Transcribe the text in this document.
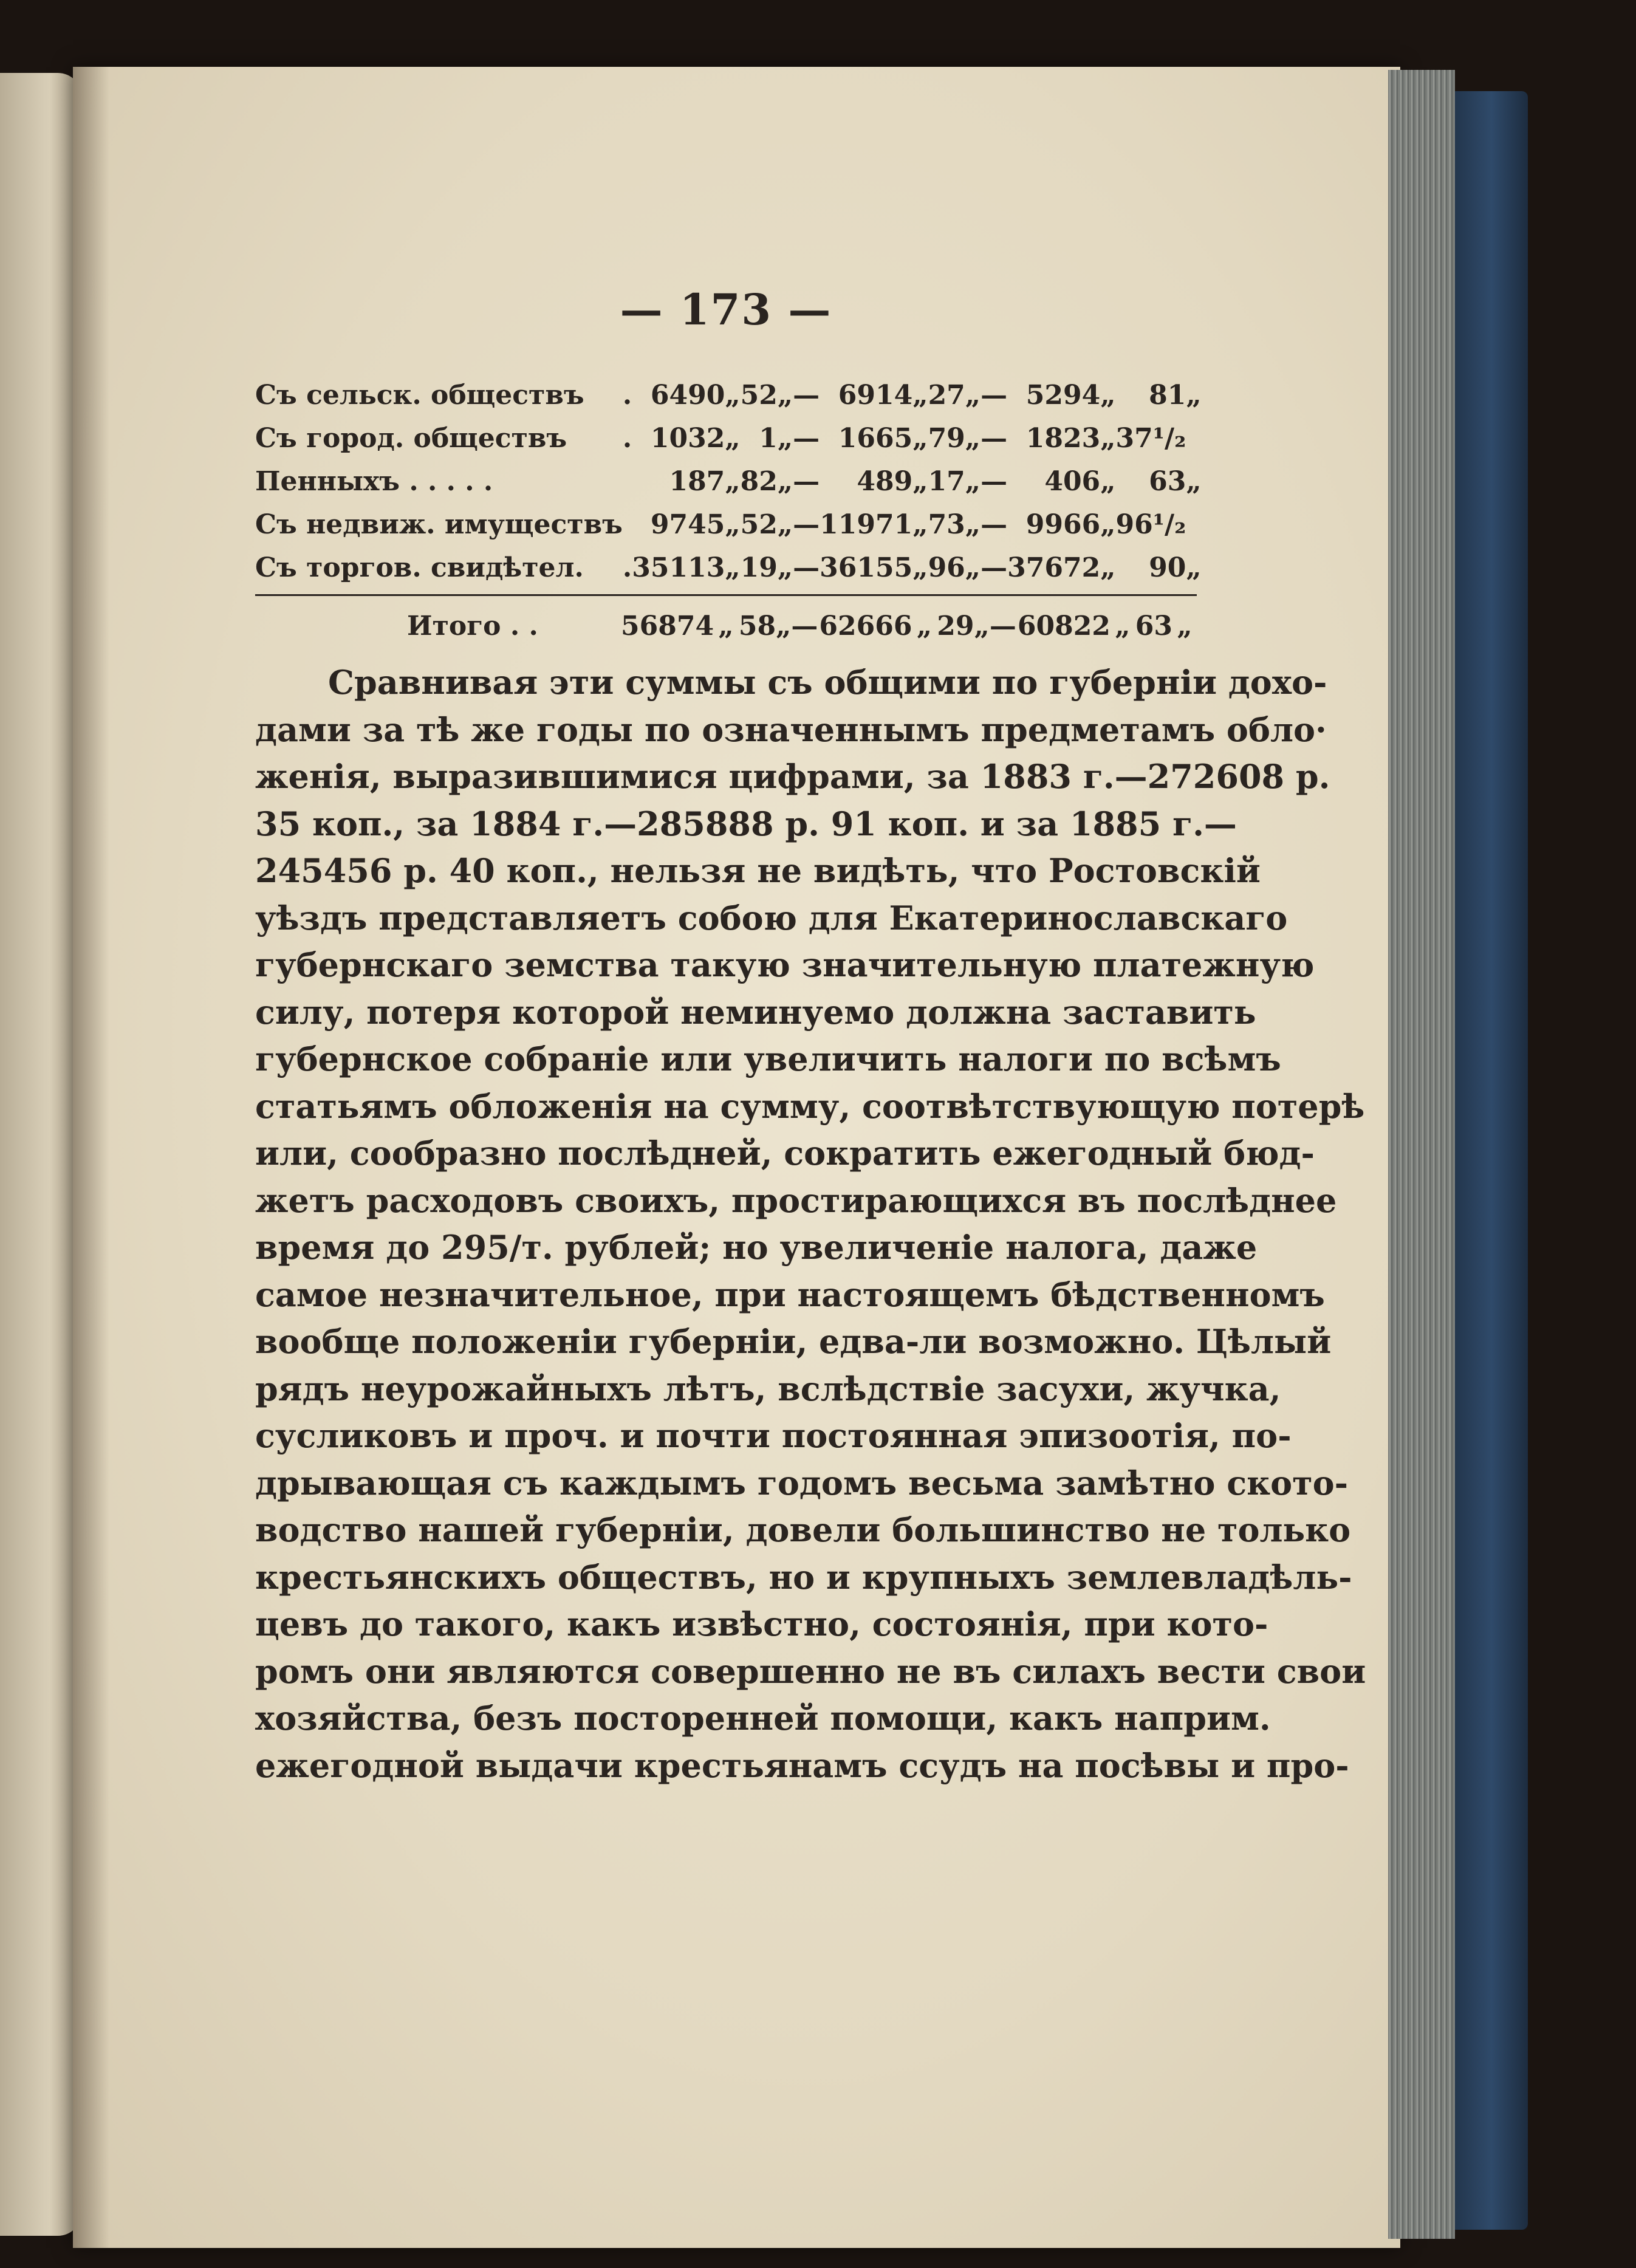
— 173 —
Съ сельск. обществъ	.	6490	„	52	„—	6914	„	27	„—	5294	„	81	„
Съ город. обществъ	.	1032	„	1	„—	1665	„	79	„—	1823	„	37¹/₂	
Пенныхъ . . . . .		187	„	82	„—	489	„	17	„—	406	„	63	„
Съ недвиж. имуществъ		9745	„	52	„—	11971	„	73	„—	9966	„	96¹/₂	
Съ торгов. свидѣтел.	.	35113	„	19	„—	36155	„	96	„—	37672	„	90	„
Итого . .		56874	„	58	„—	62666	„	29	„—	60822	„	63	„
Сравнивая эти суммы съ общими по губерніи дохо-
дами за тѣ же годы по означеннымъ предметамъ обло·
женія, выразившимися цифрами, за 1883 г.—272608 р.
35 коп., за 1884 г.—285888 р. 91 коп. и за 1885 г.—
245456 р. 40 коп., нельзя не видѣть, что Ростовскій
уѣздъ представляетъ собою для Екатеринославскаго
губернскаго земства такую значительную платежную
силу, потеря которой неминуемо должна заставить
губернское собраніе или увеличить налоги по всѣмъ
статьямъ обложенія на сумму, соотвѣтствующую потерѣ
или, сообразно послѣдней, сократить ежегодный бюд-
жетъ расходовъ своихъ, простирающихся въ послѣднее
время до 295/т. рублей; но увеличеніе налога, даже
самое незначительное, при настоящемъ бѣдственномъ
вообще положеніи губерніи, едва-ли возможно. Цѣлый
рядъ неурожайныхъ лѣтъ, вслѣдствіе засухи, жучка,
сусликовъ и проч. и почти постоянная эпизоотія, по-
дрывающая съ каждымъ годомъ весьма замѣтно ското-
водство нашей губерніи, довели большинство не только
крестьянскихъ обществъ, но и крупныхъ землевладѣль-
цевъ до такого, какъ извѣстно, состоянія, при кото-
ромъ они являются совершенно не въ силахъ вести свои
хозяйства, безъ посторенней помощи, какъ наприм.
ежегодной выдачи крестьянамъ ссудъ на посѣвы и про-
